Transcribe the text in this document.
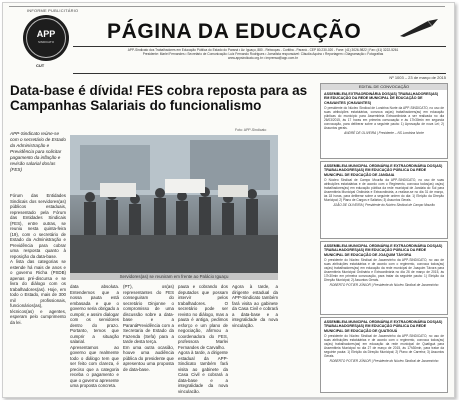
INFORME PUBLICITÁRIO
APP
SINDICATO
CUT
PÁGINA DA EDUCAÇÃO
APP-Sindicato dos Trabalhadores em Educação Pública do Estado do Paraná • Av. Iguaçu, 880 - Rebouças - Curitiba - Paraná - CEP 80.230-020 - Fone: (41) 3026-9822 | Fax: (41) 3222-5261
Presidente: Marlei Fernandes • Secretário de Comunicação: Luiz Fernando Rodrigues • Jornalista responsável: Cláudia Aquino • Reportagem • Diagramação • Fotografias
www.appsindicato.org.br • imprensa@app.com.br
Nº 1003 – 23 de março de 2015
Data-base é dívida! FES cobra reposta para as Campanhas Salariais do funcionalismo
APP-Sindicato reúne-se com o secretário de Estado da Administração e Previdência para solicitar pagamento da inflação e revisão salarial dos/as (FES)
Foto: APP-Sindicato
Servidores(as) se reuniram em frente ao Palácio Iguaçu
Fórum das Entidades Sindicais dos servidores(as) públicos estaduais, representado pela Fórum das Entidades Sindicais (FES), entre outras, se reuniu nesta quinta-feira (19), com o secretário de Estado da Administração e Previdência para cobrar uma resposta quanto à reposição da data-base.
A lista das categorias se estende há mais de anos e o governo Richa (PSDB) apenas pré-discursa e se livra do diálogo com os trabalhadores(as). Hoje, em todo o Estado, mais de 300 mil profissionais, funcionários(as), técnicos(as) e agentes, esperam pelo cumprimento da lei.
data absoluta. Entendemos que a nossa pauta está embasada e que o governo seria obrigado a cumprir, e assim dialogar com os servidores dentro do prazo. Portanto, temos que cumprir a situação salarial.
Apresentamos ao governo que realmente todo o diálogo tem que ser feito com clareza, é preciso que a categoria receba o pagamento e que o governo apresente uma proposta concreta.
(PT), os(as) representantes do FES conseguiram do secretário Dinjonne o compromisso de uma discussão sobre a data-base e a ParanáPrevidência com a Secretaria de Estado da Fazenda (Sefa) para a tarde desta terça.
Em uma outra ocasião, houve uma audiência pública do presidente que apresentou uma proposta de data-base.
pauta e cobrando dos deputados que possam intervir pelos trabalhadores. O secretário pode ser revisto no diálogo, mas a pauta é antiga, pedimos esforço e um plano de negociação, afirmou a coordenadora do FES, professora Marlei Fernandes de Carvalho.
Agora à tarde, a dirigente estadual da APP-Sindicato também fará visita ao gabinete da Casa Civil e cobrará a data-base e a integralidade da nova vinculação.
Agora à tarde, a dirigente estadual da APP-Sindicato também fará visita ao gabinete da Casa Civil e cobrará a data-base e a integralidade da nova vinculação.
EDITAL DE CONVOCAÇÃO
ASSEMBLEIA EXTRAORDINÁRIA DOS(AS) TRABALHADORES(AS) EM EDUCAÇÃO DA REDE MUNICIPAL DE EDUCAÇÃO DE CHAVANTES (CHAVANTES)
O presidente do Núcleo Sindical de Londrina Norte da APP-SINDICATO, no uso de suas atribuições estatutárias, convoca os(as) trabalhadores(as) em educação públicas do município para Assembleia Extraordinária a ser realizada no dia 26/03/2015, às 17 horas em primeira convocação e às 17h30min em segunda convocação, para deliberar sobre a seguinte pauta: 1) Aprovação de nova Lei; 2) Assuntos gerais.
ANDRÉ DE OLIVEIRA | Presidente – NS Londrina Norte
ASSEMBLEIA MUNICIPAL ORDINÁRIA E EXTRAORDINÁRIA DOS(AS) TRABALHADORES(AS) EM EDUCAÇÃO PÚBLICA DA REDE MUNICIPAL DE EDUCAÇÃO DE JANDAIA
O Núcleo Sindical de Campo Mourão da APP-SINDICATO, no uso de suas atribuições estatutárias e de acordo com o Regimento, convoca todos(as) os(as) trabalhadores(as) em educação pública da rede municipal de Jandaia do Sul para Assembleia Municipal Ordinária e Extraordinária, a realizar-se no dia 31 de março, às 18 horas, para deliberar sobre a seguinte ordem do dia: 1) Eleição da Direção Municipal; 2) Plano de Cargos e Salários; 3) Assuntos Gerais.
JOÃO DE OLIVEIRA | Presidente do Núcleo Sindical de Campo Mourão
ASSEMBLEIA MUNICIPAL ORDINÁRIA E EXTRAORDINÁRIA DOS(AS) TRABALHADORES(AS) EM EDUCAÇÃO PÚBLICA DA REDE MUNICIPAL DE EDUCAÇÃO DE JOAQUIM TÁVORA
O presidente do Núcleo Sindical de Jacarezinho da APP-SINDICATO, no uso de suas atribuições estatutárias e de acordo com o regimento, convoca todos(as) os(as) trabalhadores(as) em educação da rede municipal de Joaquim Távora para Assembleia Municipal Ordinária e Extraordinária no dia 26 de março de 2015, às 17h30min em primeira convocação, para tratar da seguinte pauta: 1) Eleição da Direção Municipal; 2) Assuntos Gerais.
ROBERTO POTIER JÚNIOR | Presidente do Núcleo Sindical de Jacarezinho
ASSEMBLEIA MUNICIPAL ORDINÁRIA E EXTRAORDINÁRIA DOS(AS) TRABALHADORES(AS) EM EDUCAÇÃO PÚBLICA DA REDE MUNICIPAL DE EDUCAÇÃO DE QUATIGUÁ
O presidente do Núcleo Sindical de Jacarezinho da APP-SINDICATO, no uso de suas atribuições estatutárias e de acordo com o regimento, convoca todos(as) os(as) trabalhadores(as) em educação da rede municipal de Quatiguá para Assembleia Municipal no dia 27 de março de 2015, às 17h30min, para tratar da seguinte pauta: 1) Eleição da Direção Municipal; 2) Plano de Carreira; 3) Assuntos Gerais.
ROBERTO POTIER JÚNIOR | Presidente do Núcleo Sindical de Jacarezinho
